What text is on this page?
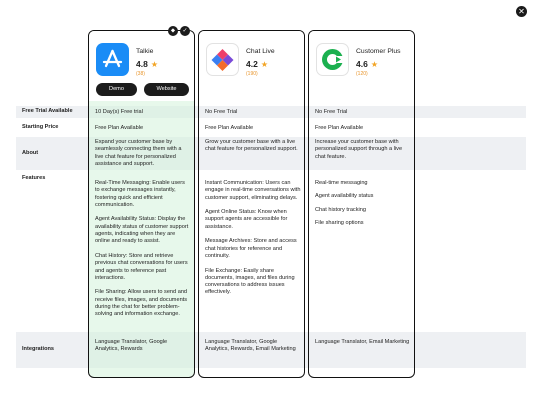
✕
Free Trial Available
Starting Price
About
Features
Integrations
Talkie
4.8 ★
(38)
Demo	Website
10 Day(s) Free trial
Free Plan Available
Expand your customer base by seamlessly connecting them with a live chat feature for personalized assistance and support.

Real-Time Messaging: Enable users to exchange messages instantly, fostering quick and efficient communication.

Agent Availability Status: Display the availability status of customer support agents, indicating when they are online and ready to assist.

Chat History: Store and retrieve previous chat conversations for users and agents to reference past interactions.

File Sharing: Allow users to send and receive files, images, and documents during the chat for better problem-solving and information exchange.

Language Translator, Google Analytics, Rewards
⬥	✓
Chat Live
4.2 ★
(190)
No Free Trial
Free Plan Available
Grow your customer base with a live chat feature for personalized support.

Instant Communication: Users can engage in real-time conversations with customer support, eliminating delays.

Agent Online Status: Know when support agents are accessible for assistance.

Message Archives: Store and access chat histories for reference and continuity.

File Exchange: Easily share documents, images, and files during conversations to address issues effectively.

Language Translator, Google Analytics, Rewards, Email Marketing
Customer Plus
4.6 ★
(120)
No Free Trial
Free Plan Available
Increase your customer base with personalized support through a live chat feature.

Real-time messaging

Agent availability status

Chat history tracking

File sharing options

Language Translator, Email Marketing
